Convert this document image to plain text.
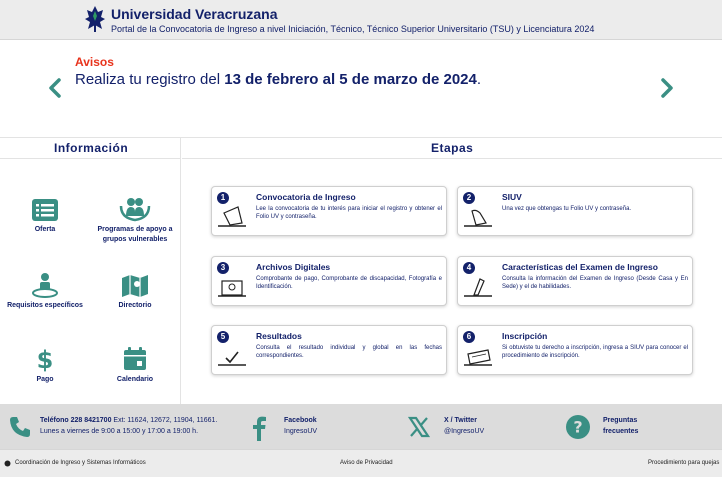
Universidad Veracruzana
Portal de la Convocatoria de Ingreso a nivel Iniciación, Técnico, Técnico Superior Universitario (TSU) y Licenciatura 2024
Avisos
Realiza tu registro del 13 de febrero al 5 de marzo de 2024.
Información
Oferta	Programas de apoyo a grupos vulnerables
Requisitos específicos	Directorio
$
Pago	Calendario
Etapas
1	Convocatoria de Ingreso
Lee la convocatoria de tu interés para iniciar el registro y obtener el Folio UV y contraseña.
2	SIUV
Una vez que obtengas tu Folio UV y contraseña.
3	Archivos Digitales
Comprobante de pago, Comprobante de discapacidad, Fotografía e Identificación.
4	Características del Examen de Ingreso
Consulta la información del Examen de Ingreso (Desde Casa y En Sede) y el de habilidades.
5	Resultados
Consulta el resultado individual y global en las fechas correspondientes.
6	Inscripción
Si obtuviste tu derecho a inscripción, ingresa a SIUV para conocer el procedimiento de inscripción.
Teléfono 228 8421700 Ext: 11624, 12672, 11904, 11661.
Lunes a viernes de 9:00 a 15:00 y 17:00 a 19:00 h.
Facebook
IngresoUV
X / Twitter
@IngresoUV	?	Preguntas
frecuentes
Coordinación de Ingreso y Sistemas Informáticos	Aviso de Privacidad	Procedimiento para quejas
